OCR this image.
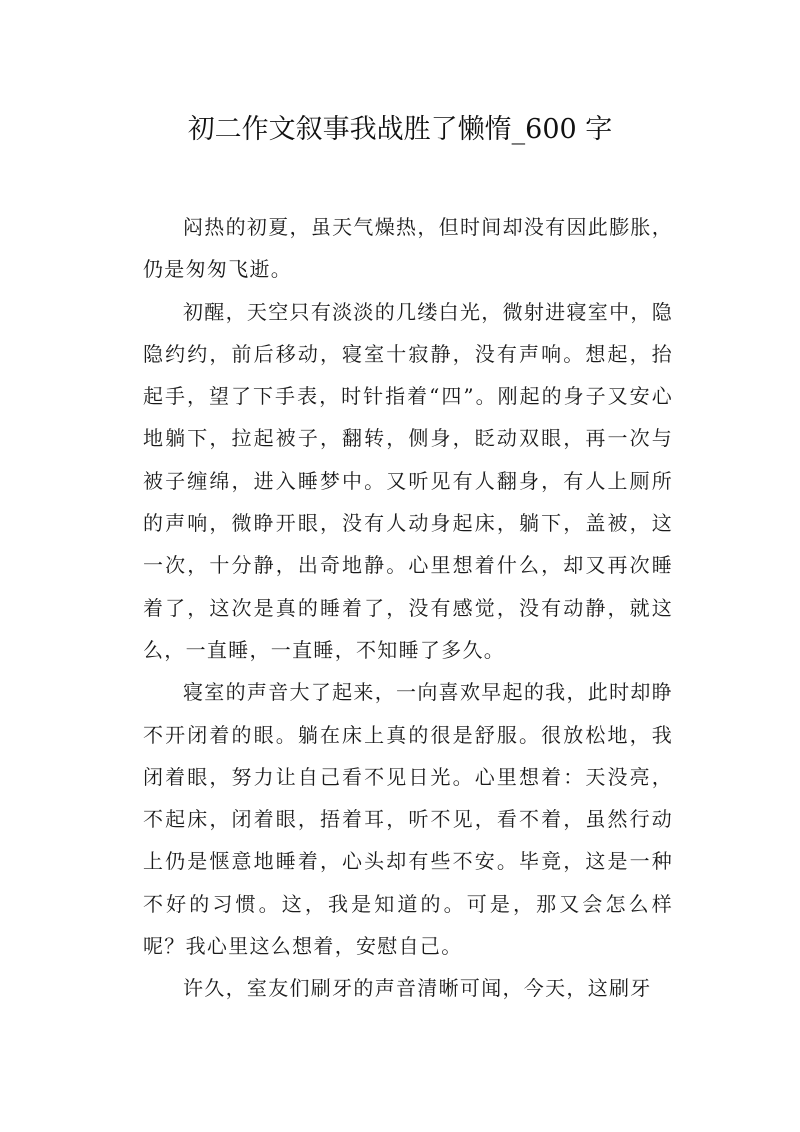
初二作文叙事我战胜了懒惰_600 字

闷热的初夏，虽天气燥热，但时间却没有因此膨胀，仍是匆匆飞逝。

初醒，天空只有淡淡的几缕白光，微射进寝室中，隐隐约约，前后移动，寝室十寂静，没有声响。想起，抬起手，望了下手表，时针指着“四”。刚起的身子又安心地躺下，拉起被子，翻转，侧身，眨动双眼，再一次与被子缠绵，进入睡梦中。又听见有人翻身，有人上厕所的声响，微睁开眼，没有人动身起床，躺下，盖被，这一次，十分静，出奇地静。心里想着什么，却又再次睡着了，这次是真的睡着了，没有感觉，没有动静，就这么，一直睡，一直睡，不知睡了多久。

寝室的声音大了起来，一向喜欢早起的我，此时却睁不开闭着的眼。躺在床上真的很是舒服。很放松地，我闭着眼，努力让自己看不见日光。心里想着：天没亮，不起床，闭着眼，捂着耳，听不见，看不着，虽然行动上仍是惬意地睡着，心头却有些不安。毕竟，这是一种不好的习惯。这，我是知道的。可是，那又会怎么样呢？我心里这么想着，安慰自己。

许久，室友们刷牙的声音清晰可闻，今天，这刷牙
